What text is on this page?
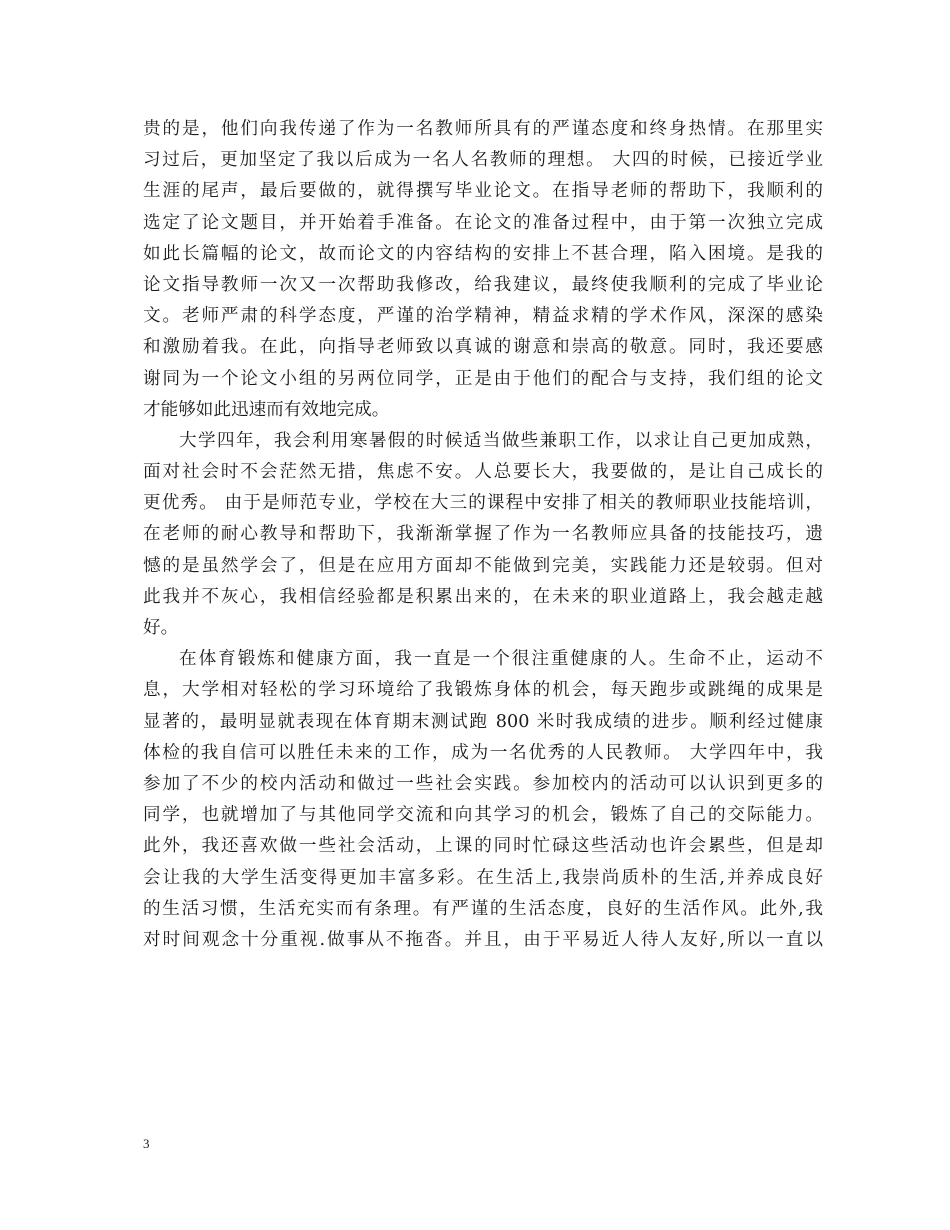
贵的是，他们向我传递了作为一名教师所具有的严谨态度和终身热情。在那里实
习过后，更加坚定了我以后成为一名人名教师的理想。 大四的时候，已接近学业
生涯的尾声，最后要做的，就得撰写毕业论文。在指导老师的帮助下，我顺利的
选定了论文题目，并开始着手准备。在论文的准备过程中，由于第一次独立完成
如此长篇幅的论文，故而论文的内容结构的安排上不甚合理，陷入困境。是我的
论文指导教师一次又一次帮助我修改，给我建议，最终使我顺利的完成了毕业论
文。老师严肃的科学态度，严谨的治学精神，精益求精的学术作风，深深的感染
和激励着我。在此，向指导老师致以真诚的谢意和崇高的敬意。同时，我还要感
谢同为一个论文小组的另两位同学，正是由于他们的配合与支持，我们组的论文
才能够如此迅速而有效地完成。
大学四年，我会利用寒暑假的时候适当做些兼职工作，以求让自己更加成熟，
面对社会时不会茫然无措，焦虑不安。人总要长大，我要做的，是让自己成长的
更优秀。 由于是师范专业，学校在大三的课程中安排了相关的教师职业技能培训，
在老师的耐心教导和帮助下，我渐渐掌握了作为一名教师应具备的技能技巧，遗
憾的是虽然学会了，但是在应用方面却不能做到完美，实践能力还是较弱。但对
此我并不灰心，我相信经验都是积累出来的，在未来的职业道路上，我会越走越
好。
在体育锻炼和健康方面，我一直是一个很注重健康的人。生命不止，运动不
息，大学相对轻松的学习环境给了我锻炼身体的机会，每天跑步或跳绳的成果是
显著的，最明显就表现在体育期末测试跑 800 米时我成绩的进步。顺利经过健康
体检的我自信可以胜任未来的工作，成为一名优秀的人民教师。 大学四年中，我
参加了不少的校内活动和做过一些社会实践。参加校内的活动可以认识到更多的
同学，也就增加了与其他同学交流和向其学习的机会，锻炼了自己的交际能力。
此外，我还喜欢做一些社会活动，上课的同时忙碌这些活动也许会累些，但是却
会让我的大学生活变得更加丰富多彩。在生活上,我崇尚质朴的生活,并养成良好
的生活习惯，生活充实而有条理。有严谨的生活态度，良好的生活作风。此外,我
对时间观念十分重视.做事从不拖沓。并且，由于平易近人待人友好,所以一直以
3
